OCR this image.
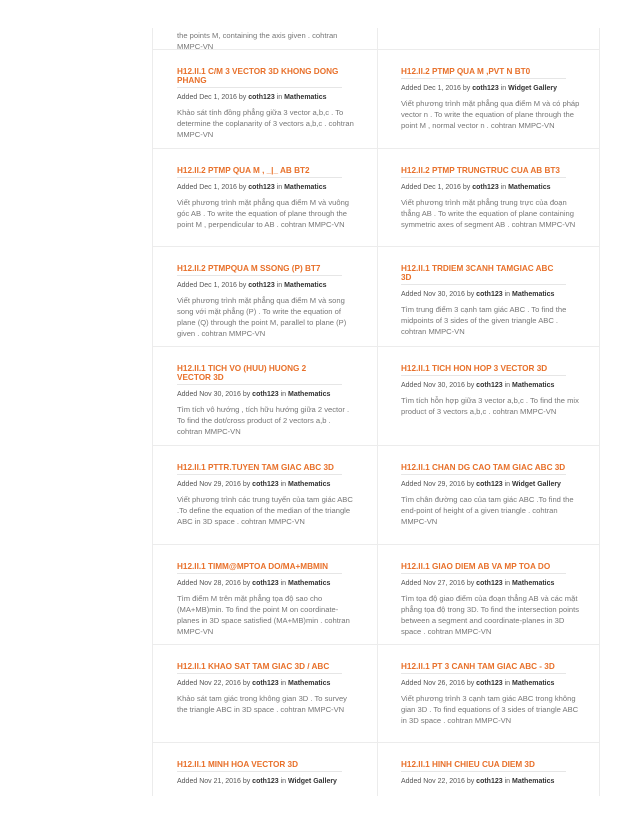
the points M, containing the axis given . cohtran MMPC-VN
H12.II.1 C/M 3 VECTOR 3D KHONG DONG PHANG
Added Dec 1, 2016 by coth123 in Mathematics
Khảo sát tính đồng phẳng giữa 3 vector a,b,c . To determine the coplanarity of 3 vectors a,b,c . cohtran MMPC-VN
H12.II.2 PTMP QUA M ,PVT N BT0
Added Dec 1, 2016 by coth123 in Widget Gallery
Viết phương trình mặt phẳng qua điểm M và có pháp vector n . To write the equation of plane through the point M , normal vector n . cohtran MMPC-VN
H12.II.2 PTMP QUA M , _|_ AB BT2
Added Dec 1, 2016 by coth123 in Mathematics
Viết phương trình mặt phẳng qua điểm M và vuông góc AB . To write the equation of plane through the point M , perpendicular to AB . cohtran MMPC-VN
H12.II.2 PTMP TRUNGTRUC CUA AB BT3
Added Dec 1, 2016 by coth123 in Mathematics
Viết phương trình mặt phẳng trung trực của đoạn thẳng AB . To write the equation of plane containing symmetric axes of segment AB . cohtran MMPC-VN
H12.II.2 PTMPQUA M SSONG (P) BT7
Added Dec 1, 2016 by coth123 in Mathematics
Viết phương trình mặt phẳng qua điểm M và song song với mặt phẳng (P) . To write the equation of plane (Q) through the point M, parallel to plane (P) given . cohtran MMPC-VN
H12.II.1 TRDIEM 3CANH TAMGIAC ABC 3D
Added Nov 30, 2016 by coth123 in Mathematics
Tìm trung điểm 3 cạnh tam giác ABC . To find the midpoints of 3 sides of the given triangle ABC . cohtran MMPC-VN
H12.II.1 TICH VO (HUU) HUONG 2 VECTOR 3D
Added Nov 30, 2016 by coth123 in Mathematics
Tìm tích vô hướng , tích hữu hướng giữa 2 vector . To find the dot/cross product of 2 vectors a,b . cohtran MMPC-VN
H12.II.1 TICH HON HOP 3 VECTOR 3D
Added Nov 30, 2016 by coth123 in Mathematics
Tìm tích hỗn hợp giữa 3 vector a,b,c . To find the mix product of 3 vectors a,b,c . cohtran MMPC-VN
H12.II.1 PTTR.TUYEN TAM GIAC ABC 3D
Added Nov 29, 2016 by coth123 in Mathematics
Viết phương trình các trung tuyến của tam giác ABC .To define the equation of the median of the triangle ABC in 3D space . cohtran MMPC-VN
H12.II.1 CHAN DG CAO TAM GIAC ABC 3D
Added Nov 29, 2016 by coth123 in Widget Gallery
Tìm chân đường cao của tam giác ABC .To find the end-point of height of a given triangle . cohtran MMPC-VN
H12.II.1 TIMM@MPTOA DO/MA+MBMIN
Added Nov 28, 2016 by coth123 in Mathematics
Tìm điểm M trên mặt phẳng tọa độ sao cho (MA+MB)min. To find the point M on coordinate-planes in 3D space satisfied (MA+MB)min . cohtran MMPC-VN
H12.II.1 GIAO DIEM AB VA MP TOA DO
Added Nov 27, 2016 by coth123 in Mathematics
Tìm tọa độ giao điểm của đoạn thẳng AB và các mặt phẳng tọa độ trong 3D. To find the intersection points between a segment and coordinate-planes in 3D space . cohtran MMPC-VN
H12.II.1 KHAO SAT TAM GIAC 3D / ABC
Added Nov 22, 2016 by coth123 in Mathematics
Khảo sát tam giác trong không gian 3D . To survey the triangle ABC in 3D space . cohtran MMPC-VN
H12.II.1 PT 3 CANH TAM GIAC ABC - 3D
Added Nov 26, 2016 by coth123 in Mathematics
Viết phương trình 3 cạnh tam giác ABC trong không gian 3D . To find equations of 3 sides of triangle ABC in 3D space . cohtran MMPC-VN
H12.II.1 MINH HOA VECTOR 3D
Added Nov 21, 2016 by coth123 in Widget Gallery
H12.II.1 HINH CHIEU CUA DIEM 3D
Added Nov 22, 2016 by coth123 in Mathematics
